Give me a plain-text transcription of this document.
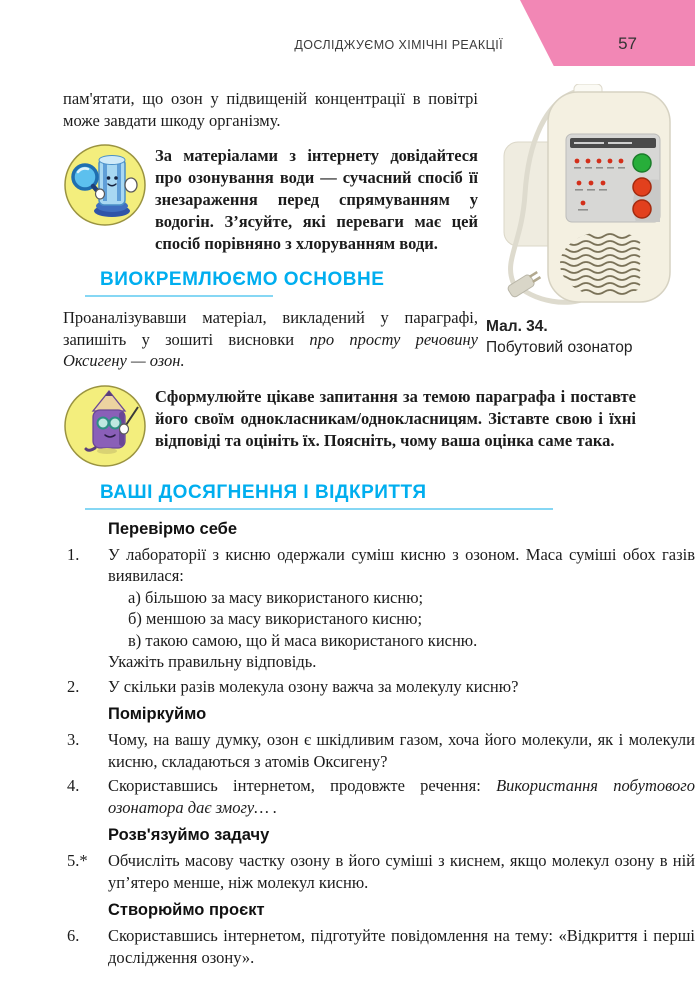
ДОСЛІДЖУЄМО ХІМІЧНІ РЕАКЦІЇ	57
Мал. 34.
Побутовий озонатор

пам'ятати, що озон у підвищеній концентрації в повітрі може завдати шкоду організму.

За матеріалами з інтернету довідайтеся про озонування води — сучасний спосіб її знезараження перед спрямуванням у водогін. З’ясуйте, які переваги має цей спосіб порівняно з хлоруванням води.

ВИОКРЕМЛЮЄМО ОСНОВНЕ

Проаналізувавши матеріал, викладений у параграфі, запишіть у зошиті висновки про просту речовину Оксигену — озон.

Сформулюйте цікаве запитання за темою параграфа і поставте його своїм однокласникам/однокласницям. Зіставте свою і їхні відповіді та оцініть їх. Поясніть, чому ваша оцінка саме така.

ВАШІ ДОСЯГНЕННЯ І ВІДКРИТТЯ
Перевірмо себе
1.	У лабораторії з кисню одержали суміш кисню з озоном. Маса суміші обох газів виявилася:

а) більшою за масу використаного кисню;
б) меншою за масу використаного кисню;
в) такою самою, що й маса використаного кисню.

Укажіть правильну відповідь.

2.	У скільки разів молекула озону важча за молекулу кисню?

Поміркуймо
3.	Чому, на вашу думку, озон є шкідливим газом, хоча його молекули, як і молекули кисню, складаються з атомів Оксигену?

4.	Скориставшись інтернетом, продовжте речення: Використання побутового озонатора дає змогу… .

Розв'язуймо задачу
5.*	Обчисліть масову частку озону в його суміші з киснем, якщо молекул озону в ній уп’ятеро менше, ніж молекул кисню.

Створюймо проєкт
6.	Скориставшись інтернетом, підготуйте повідомлення на тему: «Відкриття і перші дослідження озону».
